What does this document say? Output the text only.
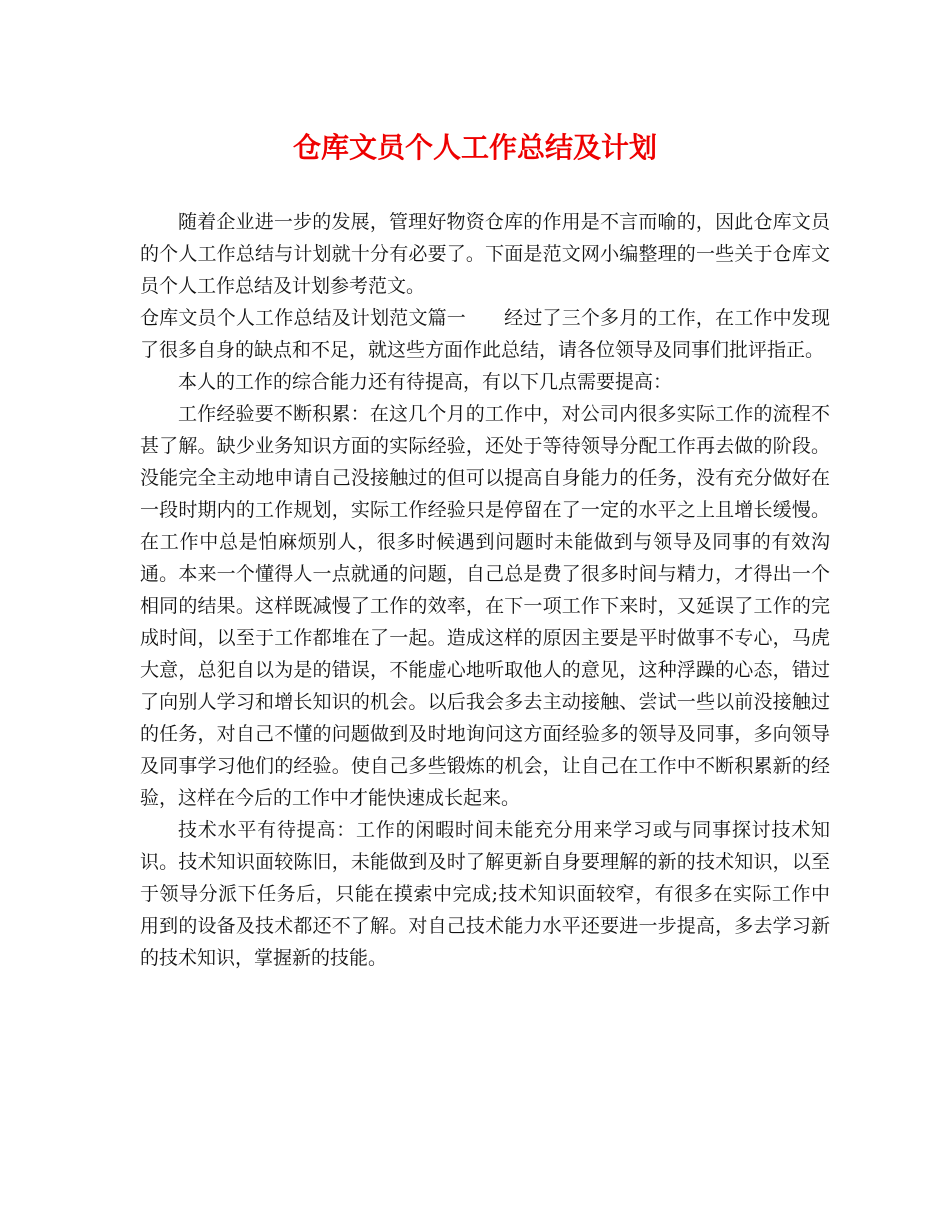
仓库文员个人工作总结及计划

随着企业进一步的发展，管理好物资仓库的作用是不言而喻的，因此仓库文员的个人工作总结与计划就十分有必要了。下面是范文网小编整理的一些关于仓库文员个人工作总结及计划参考范文。

仓库文员个人工作总结及计划范文篇一   经过了三个多月的工作，在工作中发现了很多自身的缺点和不足，就这些方面作此总结，请各位领导及同事们批评指正。

本人的工作的综合能力还有待提高，有以下几点需要提高：

工作经验要不断积累：在这几个月的工作中，对公司内很多实际工作的流程不甚了解。缺少业务知识方面的实际经验，还处于等待领导分配工作再去做的阶段。没能完全主动地申请自己没接触过的但可以提高自身能力的任务，没有充分做好在一段时期内的工作规划，实际工作经验只是停留在了一定的水平之上且增长缓慢。在工作中总是怕麻烦别人，很多时候遇到问题时未能做到与领导及同事的有效沟通。本来一个懂得人一点就通的问题，自己总是费了很多时间与精力，才得出一个相同的结果。这样既减慢了工作的效率，在下一项工作下来时，又延误了工作的完成时间，以至于工作都堆在了一起。造成这样的原因主要是平时做事不专心，马虎大意，总犯自以为是的错误，不能虚心地听取他人的意见，这种浮躁的心态，错过了向别人学习和增长知识的机会。以后我会多去主动接触、尝试一些以前没接触过的任务，对自己不懂的问题做到及时地询问这方面经验多的领导及同事，多向领导及同事学习他们的经验。使自己多些锻炼的机会，让自己在工作中不断积累新的经验，这样在今后的工作中才能快速成长起来。

技术水平有待提高：工作的闲暇时间未能充分用来学习或与同事探讨技术知识。技术知识面较陈旧，未能做到及时了解更新自身要理解的新的技术知识，以至于领导分派下任务后，只能在摸索中完成;技术知识面较窄，有很多在实际工作中用到的设备及技术都还不了解。对自己技术能力水平还要进一步提高，多去学习新的技术知识，掌握新的技能。
